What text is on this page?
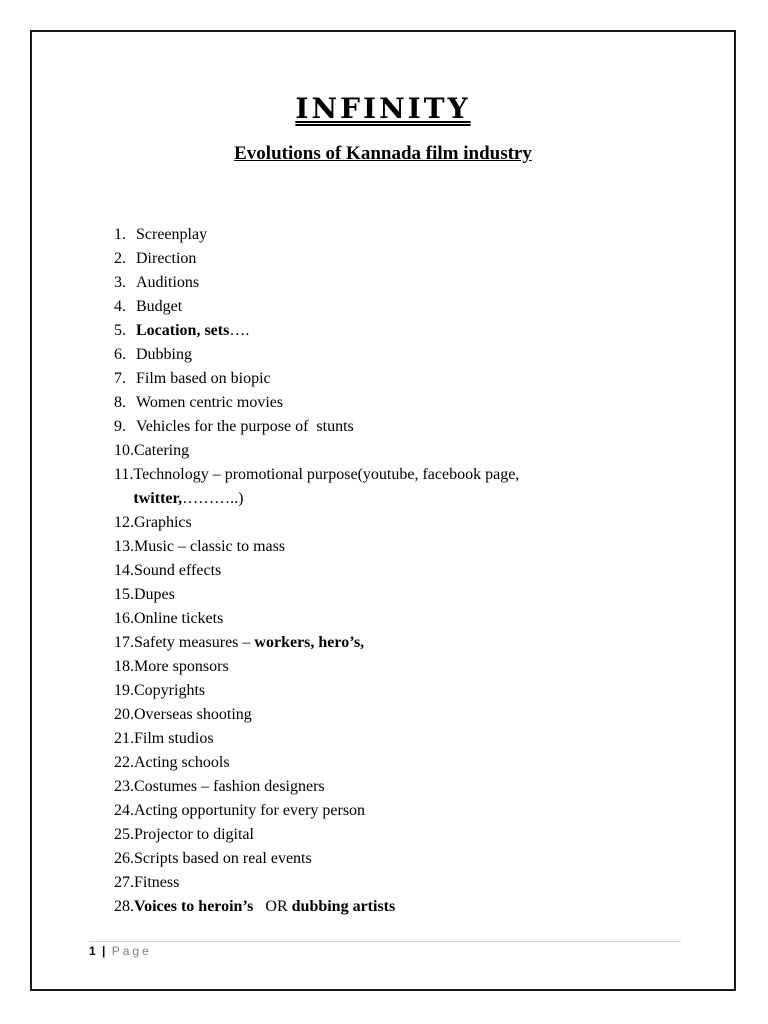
INFINITY
Evolutions of Kannada film industry
1. Screenplay
2. Direction
3. Auditions
4. Budget
5. Location, sets….
6. Dubbing
7. Film based on biopic
8. Women centric movies
9. Vehicles for the purpose of  stunts
10. Catering
11. Technology – promotional purpose(youtube, facebook page,
twitter,………..)
12. Graphics
13. Music – classic to mass
14. Sound effects
15. Dupes
16. Online tickets
17. Safety measures – workers, hero’s,
18. More sponsors
19. Copyrights
20. Overseas shooting
21. Film studios
22. Acting schools
23. Costumes – fashion designers
24. Acting opportunity for every person
25. Projector to digital
26. Scripts based on real events
27. Fitness
28. Voices to heroin’s   OR dubbing artists
1 | Page
